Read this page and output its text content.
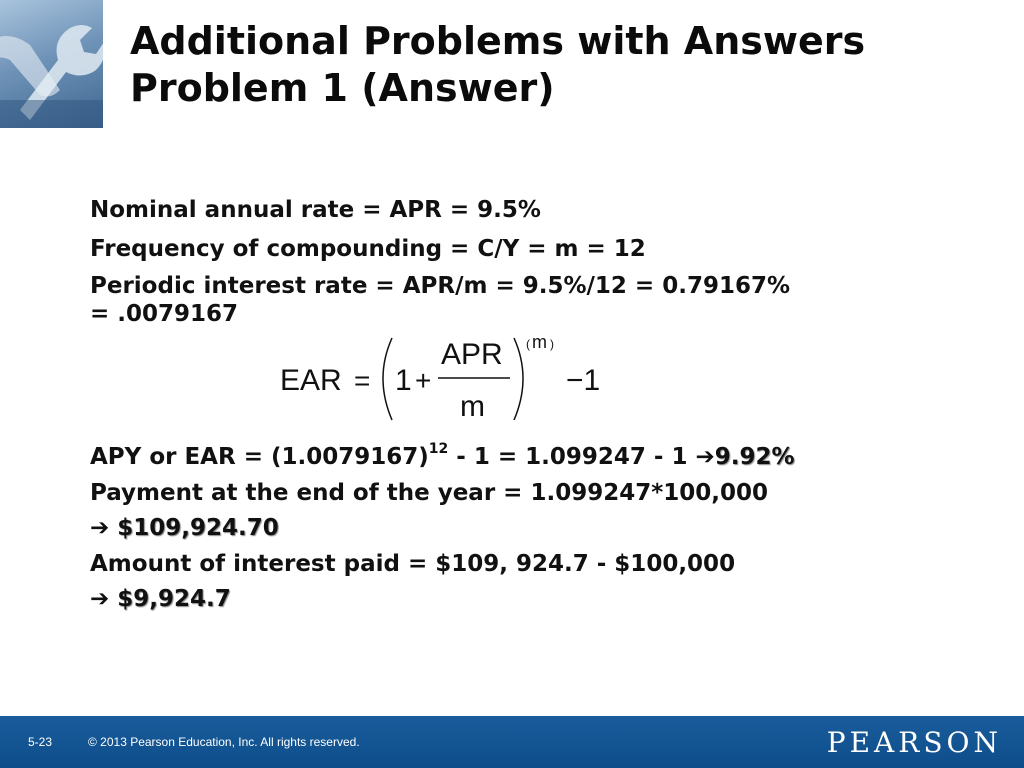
Additional Problems with Answers
Problem 1 (Answer)
Nominal annual rate = APR = 9.5%
Frequency of compounding = C/Y = m = 12
Periodic interest rate = APR/m = 9.5%/12 = 0.79167%
= .0079167
APY or EAR = $(1.0079167)^{12} - 1 = 1.099247 - 1$ ➔9.92%
Payment at the end of the year = 1.099247*100,000
➔ $109,924.70
Amount of interest paid = $109, 924.7 - $100,000
➔ $9,924.7
EAR = 1 +
APR
m
( m )
−1
5-23	© 2013 Pearson Education, Inc. All rights reserved.	PEARSON
